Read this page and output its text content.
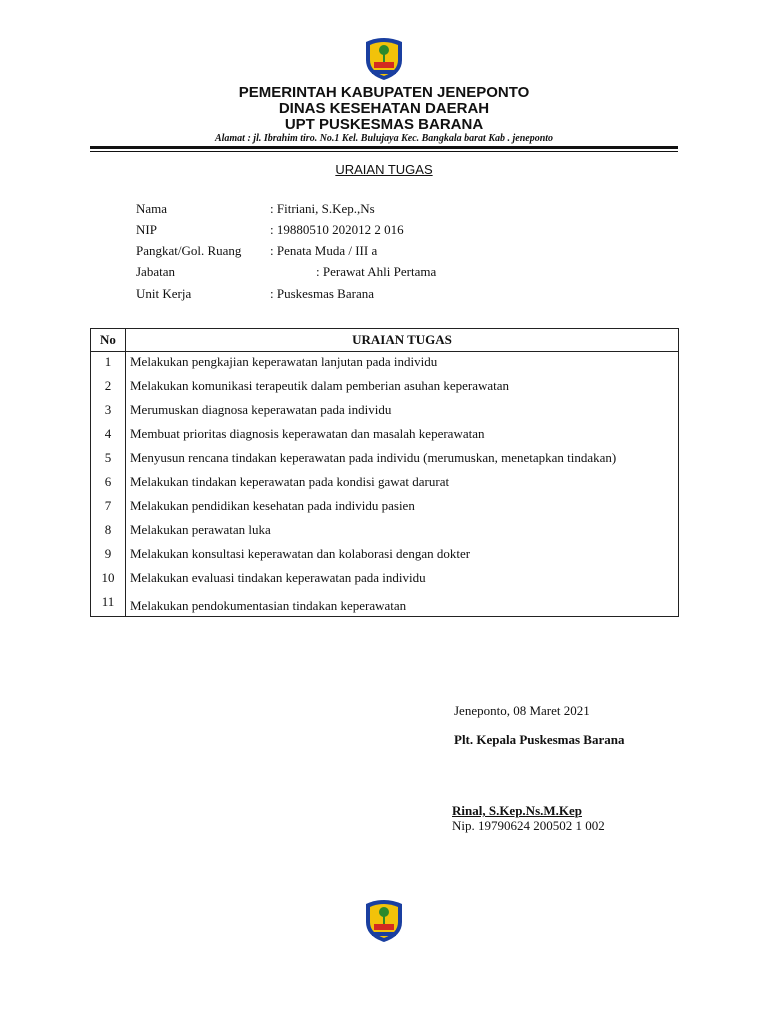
PEMERINTAH KABUPATEN JENEPONTO
DINAS KESEHATAN DAERAH
UPT PUSKESMAS BARANA
Alamat : jl. Ibrahim tiro. No.1 Kel. Bulujaya Kec. Bangkala barat Kab . jeneponto
URAIAN TUGAS
Nama	: Fitriani, S.Kep.,Ns
NIP	: 19880510 202012 2 016
Pangkat/Gol. Ruang : Penata Muda / III a
Jabatan	: Perawat Ahli Pertama
Unit Kerja	: Puskesmas Barana
No	URAIAN TUGAS
1	Melakukan pengkajian keperawatan lanjutan pada individu

2	Melakukan komunikasi terapeutik dalam pemberian asuhan keperawatan

3	Merumuskan diagnosa keperawatan pada individu

4	Membuat prioritas diagnosis keperawatan dan masalah keperawatan

5	Menyusun rencana tindakan keperawatan pada individu (merumuskan, menetapkan tindakan)

6	Melakukan tindakan keperawatan pada kondisi gawat darurat

7	Melakukan pendidikan kesehatan pada individu pasien

8	Melakukan perawatan luka

9	Melakukan konsultasi keperawatan dan kolaborasi dengan dokter

10	Melakukan evaluasi tindakan keperawatan pada individu

11	Melakukan pendokumentasian tindakan keperawatan
Jeneponto, 08 Maret 2021
Plt. Kepala Puskesmas Barana
Rinal, S.Kep.Ns.M.Kep
Nip. 19790624 200502 1 002
